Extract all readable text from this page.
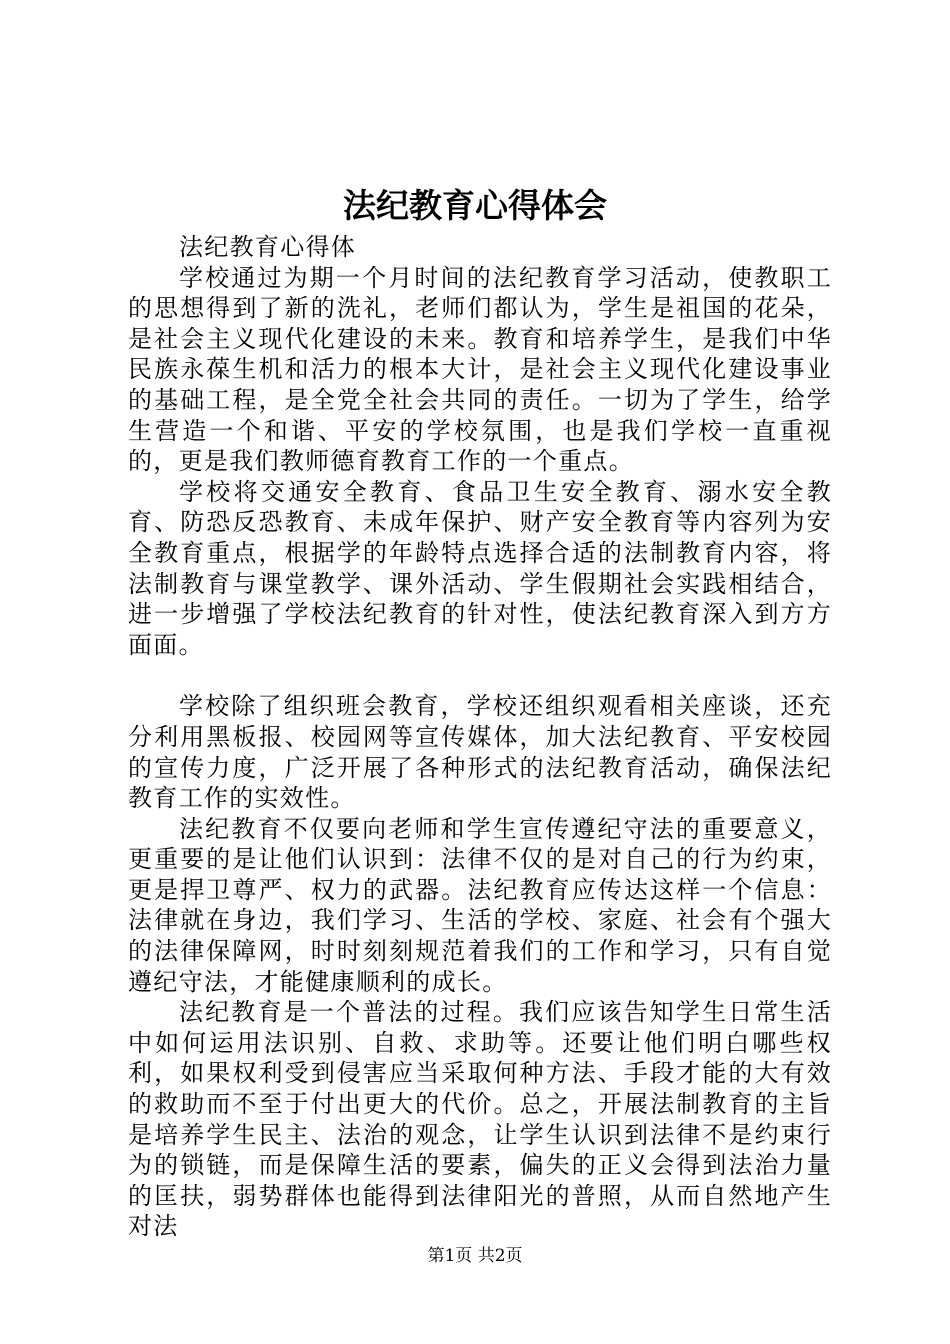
法纪教育心得体会

法纪教育心得体

学校通过为期一个月时间的法纪教育学习活动，使教职工的思想得到了新的洗礼，老师们都认为，学生是祖国的花朵，是社会主义现代化建设的未来。教育和培养学生，是我们中华民族永葆生机和活力的根本大计，是社会主义现代化建设事业的基础工程，是全党全社会共同的责任。一切为了学生，给学生营造一个和谐、平安的学校氛围，也是我们学校一直重视的，更是我们教师德育教育工作的一个重点。

学校将交通安全教育、食品卫生安全教育、溺水安全教育、防恐反恐教育、未成年保护、财产安全教育等内容列为安全教育重点，根据学的年龄特点选择合适的法制教育内容，将法制教育与课堂教学、课外活动、学生假期社会实践相结合，进一步增强了学校法纪教育的针对性，使法纪教育深入到方方面面。

学校除了组织班会教育，学校还组织观看相关座谈，还充分利用黑板报、校园网等宣传媒体，加大法纪教育、平安校园的宣传力度，广泛开展了各种形式的法纪教育活动，确保法纪教育工作的实效性。

法纪教育不仅要向老师和学生宣传遵纪守法的重要意义，更重要的是让他们认识到：法律不仅的是对自己的行为约束，更是捍卫尊严、权力的武器。法纪教育应传达这样一个信息：法律就在身边，我们学习、生活的学校、家庭、社会有个强大的法律保障网，时时刻刻规范着我们的工作和学习，只有自觉遵纪守法，才能健康顺利的成长。

法纪教育是一个普法的过程。我们应该告知学生日常生活中如何运用法识别、自救、求助等。还要让他们明白哪些权利，如果权利受到侵害应当采取何种方法、手段才能的大有效的救助而不至于付出更大的代价。总之，开展法制教育的主旨是培养学生民主、法治的观念，让学生认识到法律不是约束行为的锁链，而是保障生活的要素，偏失的正义会得到法治力量的匡扶，弱势群体也能得到法律阳光的普照，从而自然地产生对法

第1页 共2页
